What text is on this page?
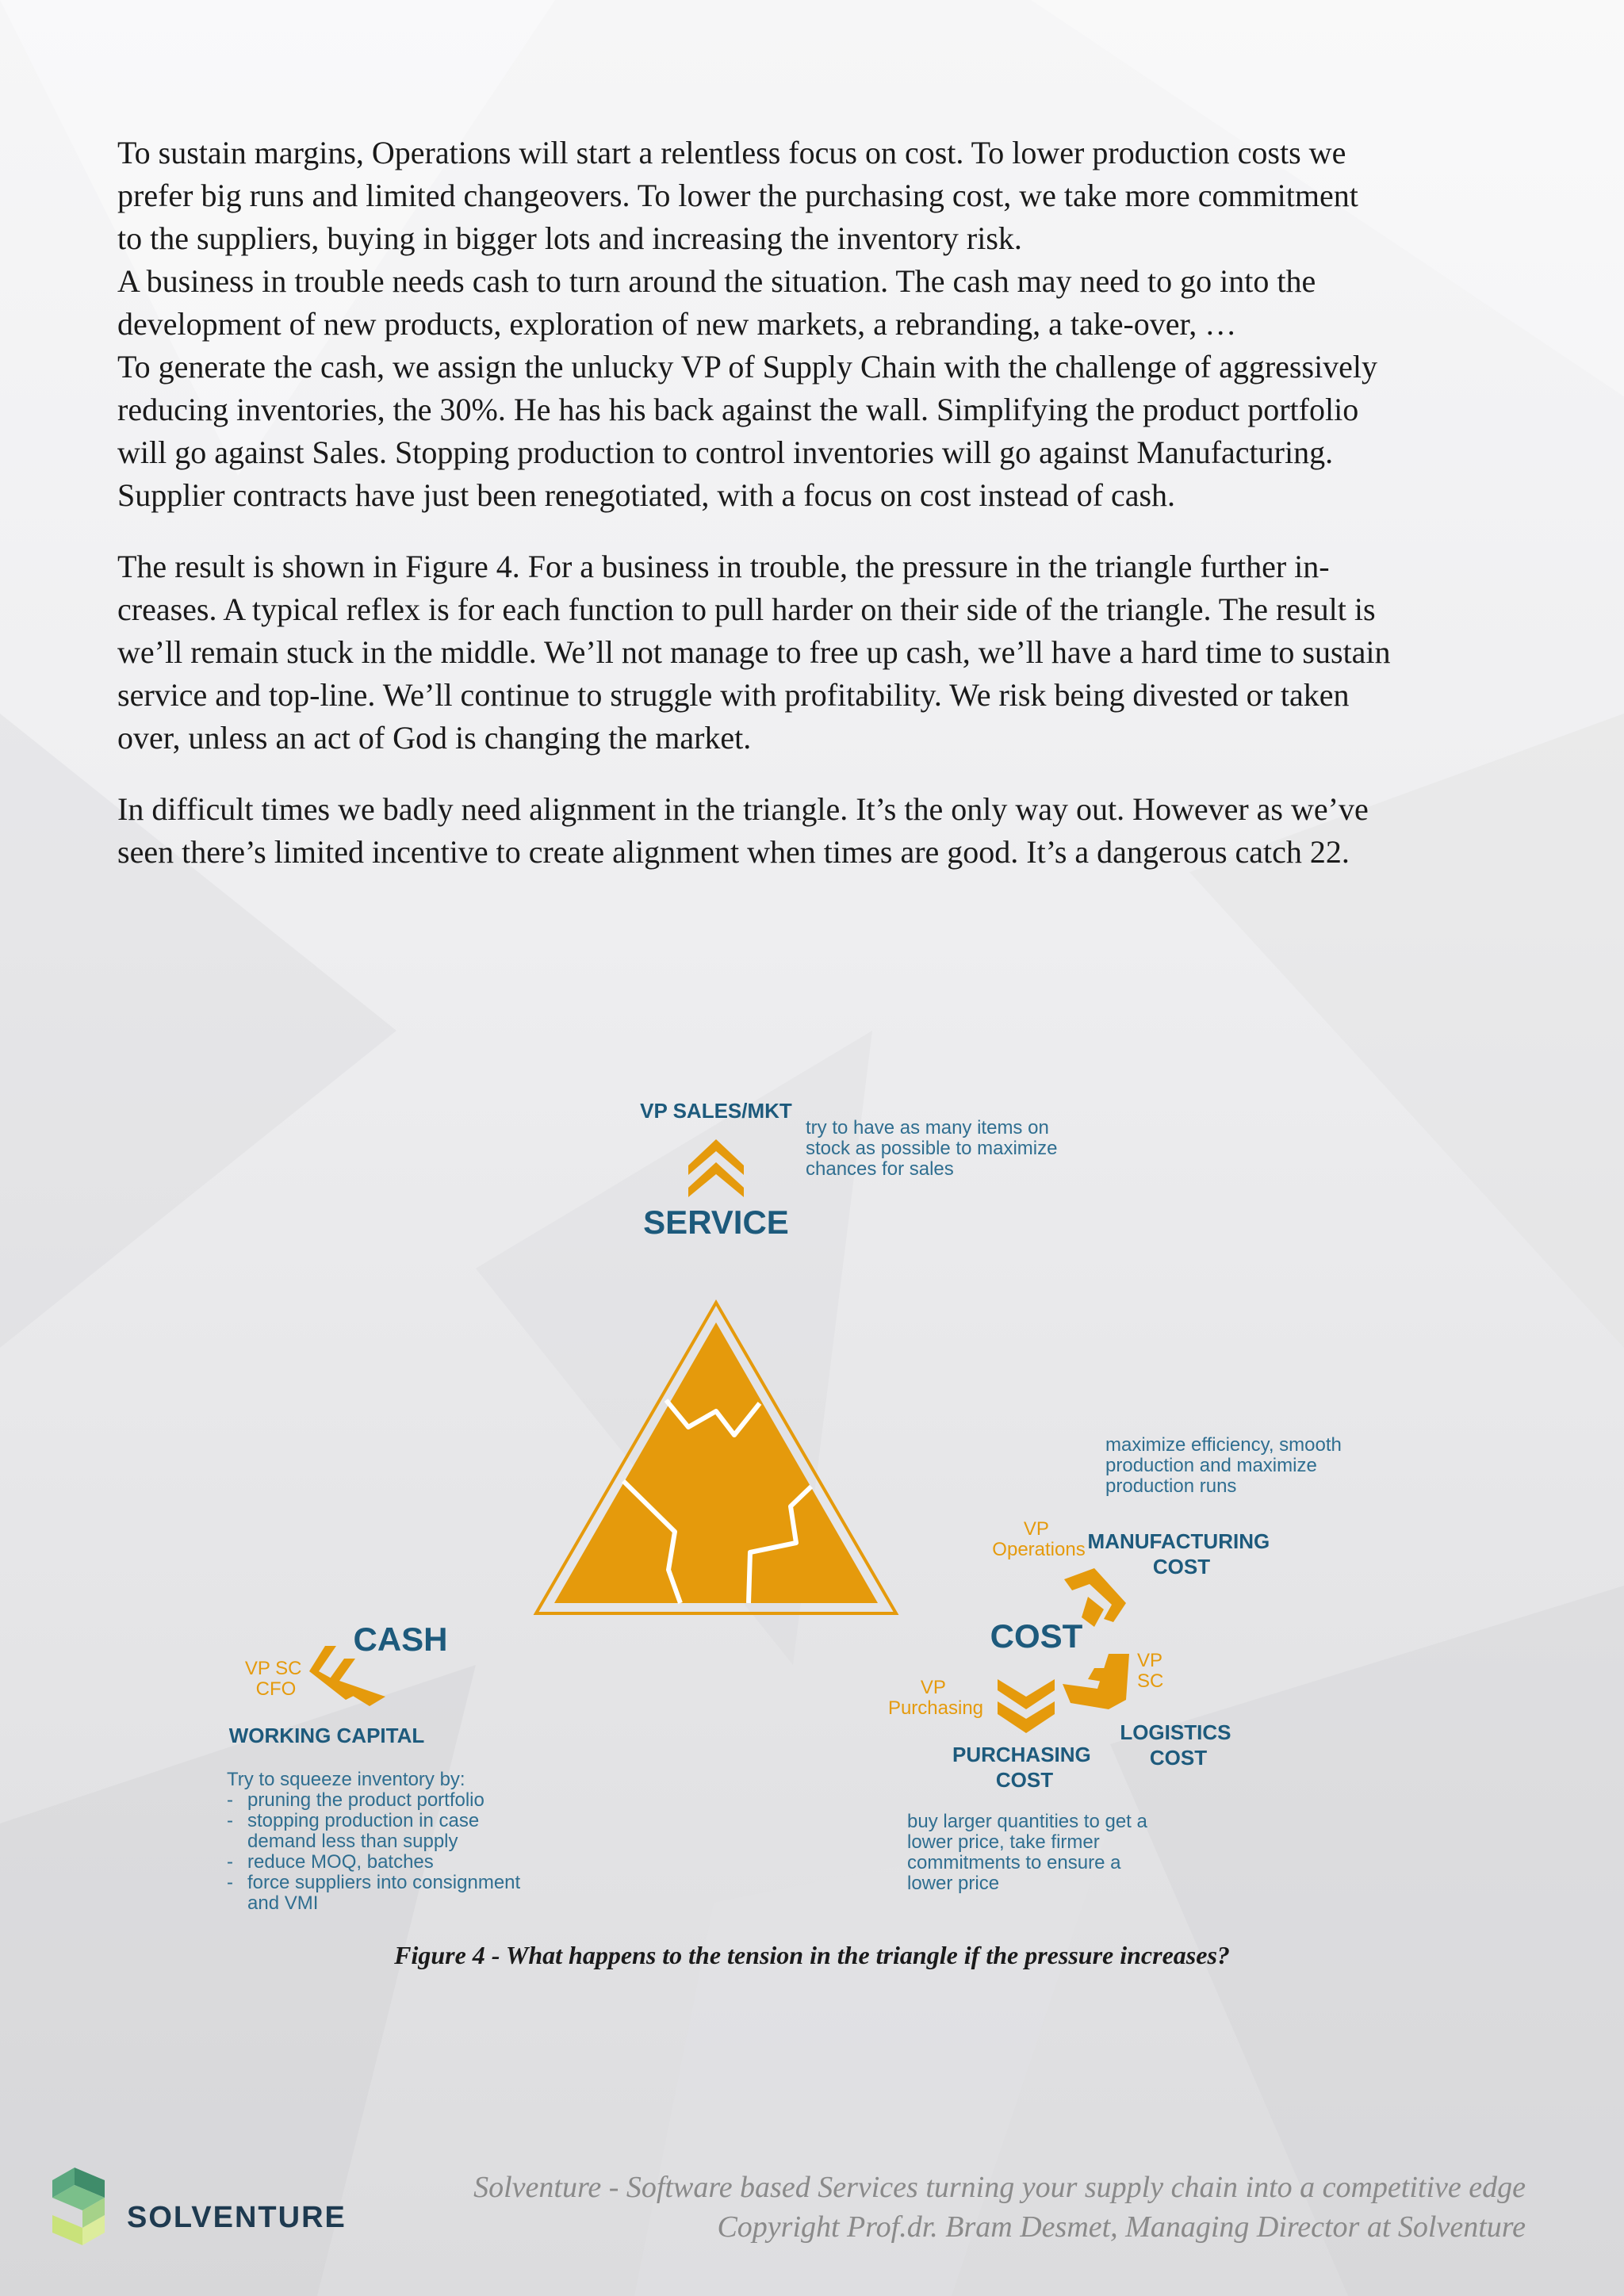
To sustain margins, Operations will start a relentless focus on cost. To lower production costs we
prefer big runs and limited changeovers. To lower the purchasing cost, we take more commitment
to the suppliers, buying in bigger lots and increasing the inventory risk.
A business in trouble needs cash to turn around the situation. The cash may need to go into the
development of new products, exploration of new markets, a rebranding, a take-over, …
To generate the cash, we assign the unlucky VP of Supply Chain with the challenge of aggressively
reducing inventories, the 30%. He has his back against the wall. Simplifying the product portfolio
will go against Sales. Stopping production to control inventories will go against Manufacturing.
Supplier contracts have just been renegotiated, with a focus on cost instead of cash.

The result is shown in Figure 4. For a business in trouble, the pressure in the triangle further in-
creases. A typical reflex is for each function to pull harder on their side of the triangle. The result is
we’ll remain stuck in the middle. We’ll not manage to free up cash, we’ll have a hard time to sustain
service and top-line. We’ll continue to struggle with profitability. We risk being divested or taken
over, unless an act of God is changing the market.

In difficult times we badly need alignment in the triangle. It’s the only way out. However as we’ve
seen there’s limited incentive to create alignment when times are good. It’s a dangerous catch 22.

VP SALES/MKT
SERVICE
try to have as many items on stock as possible to maximize chances for sales
CASH
VP SC CFO
WORKING CAPITAL
Try to squeeze inventory by: - pruning the product portfolio - stopping production in case demand less than supply - reduce MOQ, batches - force suppliers into consignment and VMI
maximize efficiency, smooth production and maximize production runs
VP Operations MANUFACTURING COST
COST
VP SC
LOGISTICS COST
VP Purchasing
PURCHASING COST
buy larger quantities to get a lower price, take firmer commitments to ensure a lower price
Figure 4 - What happens to the tension in the triangle if the pressure increases?
SOLVENTURE
Solventure - Software based Services turning your supply chain into a competitive edge
Copyright Prof.dr. Bram Desmet, Managing Director at Solventure
